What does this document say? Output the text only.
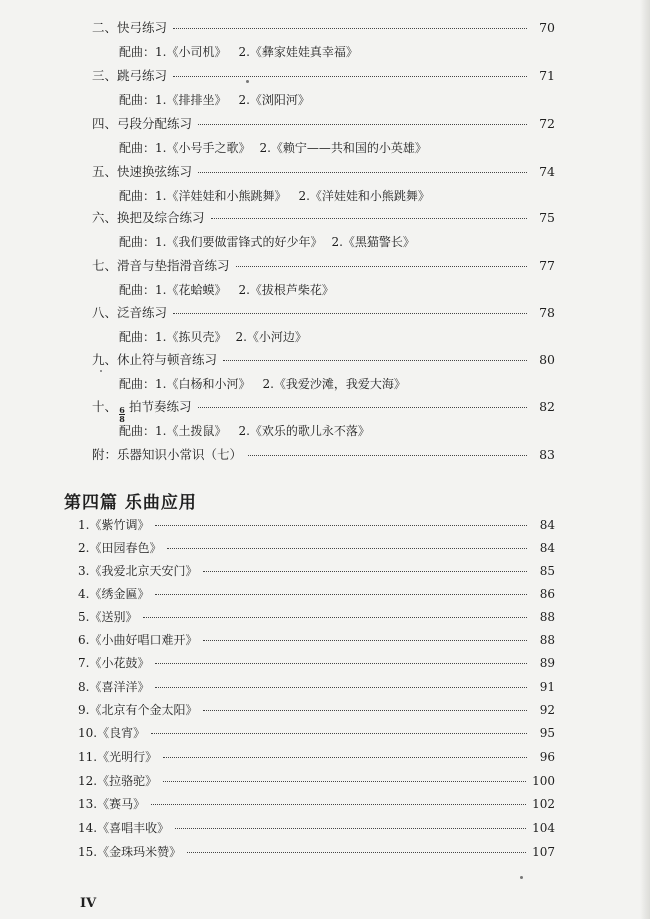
二、快弓练习	70
配曲： 1.《小司机》 2.《彝家娃娃真幸福》
三、跳弓练习	71
配曲： 1.《排排坐》 2.《浏阳河》
四、弓段分配练习	72
配曲： 1.《小号手之歌》 2.《赖宁——共和国的小英雄》
五、快速换弦练习	74
配曲： 1.《洋娃娃和小熊跳舞》 2.《洋娃娃和小熊跳舞》
六、换把及综合练习	75
配曲： 1.《我们要做雷锋式的好少年》 2.《黑猫警长》
七、滑音与垫指滑音练习	77
配曲： 1.《花蛤蟆》 2.《拔根芦柴花》
八、泛音练习	78
配曲： 1.《拣贝壳》 2.《小河边》
九、休止符与顿音练习	80
配曲： 1.《白杨和小河》 2.《我爱沙滩，我爱大海》
十、 $\frac{6}{8}$ 拍节奏练习	82
配曲： 1.《土拨鼠》 2.《欢乐的歌儿永不落》
附：乐器知识小常识（七）	83
第四篇 乐曲应用
1.《紫竹调》	84
2.《田园春色》	84
3.《我爱北京天安门》	85
4.《绣金匾》	86
5.《送别》	88
6.《小曲好唱口难开》	88
7.《小花鼓》	89
8.《喜洋洋》	91
9.《北京有个金太阳》	92
10.《良宵》	95
11.《光明行》	96
12.《拉骆驼》	100
13.《赛马》	102
14.《喜唱丰收》	104
15.《金珠玛米赞》	107
IV
